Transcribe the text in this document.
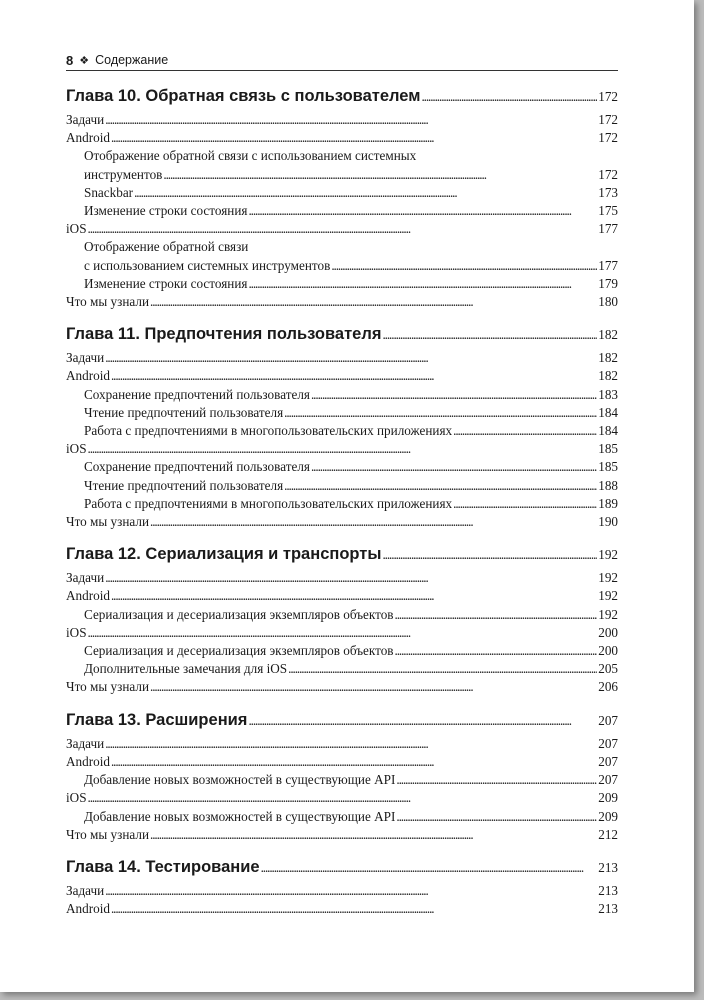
8 ❖ Содержание
Глава 10. Обратная связь с пользователем . . .	172
Задачи . . .	172
Android . . .	172
Отображение обратной связи с использованием системных
инструментов . . .	172
Snackbar . . .	173
Изменение строки состояния . . .	175
iOS . . .	177
Отображение обратной связи
с использованием системных инструментов . . .	177
Изменение строки состояния . . .	179
Что мы узнали . . .	180
Глава 11. Предпочтения пользователя . . .	182
Задачи . . .	182
Android . . .	182
Сохранение предпочтений пользователя . . .	183
Чтение предпочтений пользователя . . .	184
Работа с предпочтениями в многопользовательских приложениях . . .	184
iOS . . .	185
Сохранение предпочтений пользователя . . .	185
Чтение предпочтений пользователя . . .	188
Работа с предпочтениями в многопользовательских приложениях . . .	189
Что мы узнали . . .	190
Глава 12. Сериализация и транспорты . . .	192
Задачи . . .	192
Android . . .	192
Сериализация и десериализация экземпляров объектов . . .	192
iOS . . .	200
Сериализация и десериализация экземпляров объектов . . .	200
Дополнительные замечания для iOS . . .	205
Что мы узнали . . .	206
Глава 13. Расширения . . .	207
Задачи . . .	207
Android . . .	207
Добавление новых возможностей в существующие API . . .	207
iOS . . .	209
Добавление новых возможностей в существующие API . . .	209
Что мы узнали . . .	212
Глава 14. Тестирование . . .	213
Задачи . . .	213
Android . . .	213
